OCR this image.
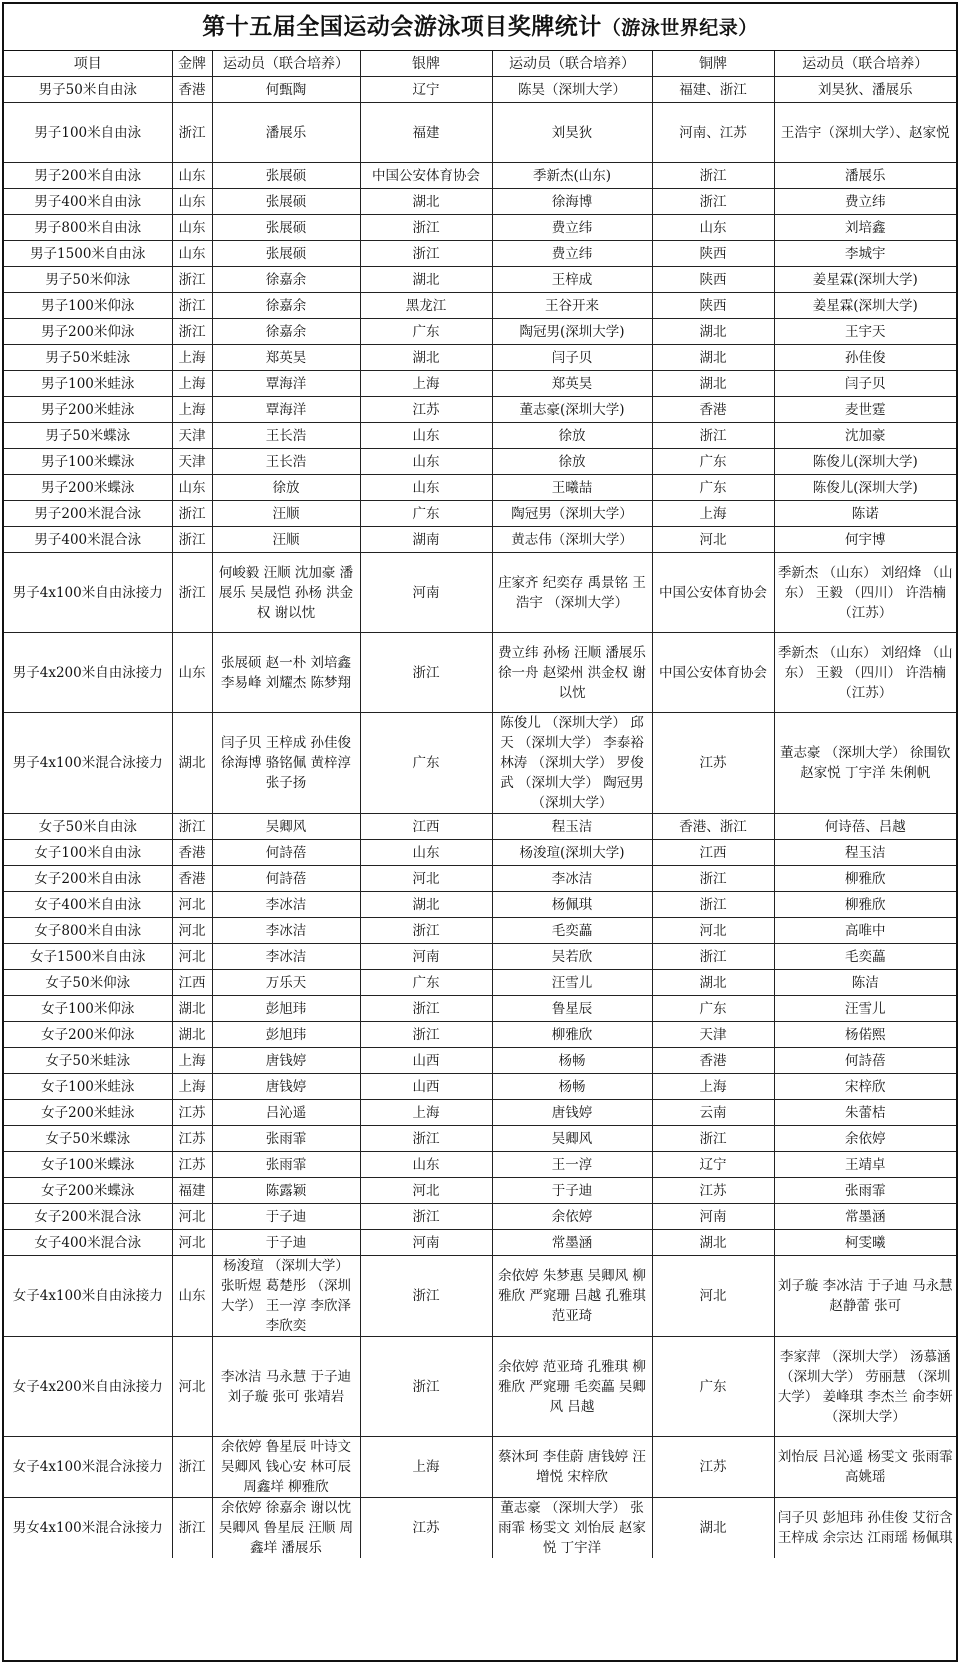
第十五届全国运动会游泳项目奖牌统计（游泳世界纪录）
项目	金牌	运动员（联合培养）	银牌	运动员（联合培养）	铜牌	运动员（联合培养）
男子50米自由泳	香港	何甄陶	辽宁	陈昊（深圳大学）	福建、浙江	刘昊狄、潘展乐
男子100米自由泳	浙江	潘展乐	福建	刘昊狄	河南、江苏	王浩宇（深圳大学）、赵家悦
男子200米自由泳	山东	张展硕	中国公安体育协会	季新杰(山东)	浙江	潘展乐
男子400米自由泳	山东	张展硕	湖北	徐海博	浙江	费立纬
男子800米自由泳	山东	张展硕	浙江	费立纬	山东	刘培鑫
男子1500米自由泳	山东	张展硕	浙江	费立纬	陕西	李城宇
男子50米仰泳	浙江	徐嘉余	湖北	王梓成	陕西	姜星霖(深圳大学)
男子100米仰泳	浙江	徐嘉余	黑龙江	王谷开来	陕西	姜星霖(深圳大学)
男子200米仰泳	浙江	徐嘉余	广东	陶冠男(深圳大学)	湖北	王宇天
男子50米蛙泳	上海	郑英昊	湖北	闫子贝	湖北	孙佳俊
男子100米蛙泳	上海	覃海洋	上海	郑英昊	湖北	闫子贝
男子200米蛙泳	上海	覃海洋	江苏	董志豪(深圳大学)	香港	麦世霆
男子50米蝶泳	天津	王长浩	山东	徐放	浙江	沈加豪
男子100米蝶泳	天津	王长浩	山东	徐放	广东	陈俊儿(深圳大学)
男子200米蝶泳	山东	徐放	山东	王曦喆	广东	陈俊儿(深圳大学)
男子200米混合泳	浙江	汪顺	广东	陶冠男（深圳大学）	上海	陈诺
男子400米混合泳	浙江	汪顺	湖南	黄志伟（深圳大学）	河北	何宇博
男子4x100米自由泳接力	浙江	何峻毅 汪顺 沈加豪 潘展乐 吴晟恺 孙杨 洪金权 谢以忱	河南	庄家齐 纪奕存 禹景铭 王浩宇 （深圳大学）	中国公安体育协会	季新杰 （山东） 刘绍烽 （山东） 王毅 （四川） 许浩楠 （江苏）
男子4x200米自由泳接力	山东	张展硕 赵一朴 刘培鑫 李易峰 刘耀杰 陈梦翔	浙江	费立纬 孙杨 汪顺 潘展乐 徐一舟 赵梁州 洪金权 谢以忱	中国公安体育协会	季新杰 （山东） 刘绍烽 （山东） 王毅 （四川） 许浩楠 （江苏）
男子4x100米混合泳接力	湖北	闫子贝 王梓成 孙佳俊 徐海博 骆铭佩 黄梓淳 张子扬	广东	陈俊儿 （深圳大学） 邱天 （深圳大学） 李泰裕 林涛 （深圳大学） 罗俊武 （深圳大学） 陶冠男 （深圳大学）	江苏	董志豪 （深圳大学） 徐围钦 赵家悦 丁宇洋 朱俐帆
女子50米自由泳	浙江	吴卿风	江西	程玉洁	香港、浙江	何诗蓓、吕越
女子100米自由泳	香港	何詩蓓	山东	杨浚瑄(深圳大学)	江西	程玉洁
女子200米自由泳	香港	何詩蓓	河北	李冰洁	浙江	柳雅欣
女子400米自由泳	河北	李冰洁	湖北	杨佩琪	浙江	柳雅欣
女子800米自由泳	河北	李冰洁	浙江	毛奕藟	河北	高唯中
女子1500米自由泳	河北	李冰洁	河南	吴若欣	浙江	毛奕藟
女子50米仰泳	江西	万乐天	广东	汪雪儿	湖北	陈洁
女子100米仰泳	湖北	彭旭玮	浙江	鲁星辰	广东	汪雪儿
女子200米仰泳	湖北	彭旭玮	浙江	柳雅欣	天津	杨偌熙
女子50米蛙泳	上海	唐钱婷	山西	杨畅	香港	何詩蓓
女子100米蛙泳	上海	唐钱婷	山西	杨畅	上海	宋梓欣
女子200米蛙泳	江苏	吕沁遥	上海	唐钱婷	云南	朱蕾桔
女子50米蝶泳	江苏	张雨霏	浙江	吴卿风	浙江	余依婷
女子100米蝶泳	江苏	张雨霏	山东	王一淳	辽宁	王靖卓
女子200米蝶泳	福建	陈露颖	河北	于子迪	江苏	张雨霏
女子200米混合泳	河北	于子迪	浙江	余依婷	河南	常墨涵
女子400米混合泳	河北	于子迪	河南	常墨涵	湖北	柯雯曦
女子4x100米自由泳接力	山东	杨浚瑄 （深圳大学） 张昕煜 葛楚彤 （深圳大学） 王一淳 李欣泽 李欣奕	浙江	余依婷 朱梦惠 吴卿风 柳雅欣 严窕珊 吕越 孔雅琪 范亚琦	河北	刘子璇 李冰洁 于子迪 马永慧 赵静蕾 张可
女子4x200米自由泳接力	河北	李冰洁 马永慧 于子迪 刘子璇 张可 张靖岩	浙江	余依婷 范亚琦 孔雅琪 柳雅欣 严窕珊 毛奕藟 吴卿风 吕越	广东	李家萍 （深圳大学） 汤慕涵 （深圳大学） 劳丽慧 （深圳大学） 姜峰琪 李杰兰 俞李妍 （深圳大学）
女子4x100米混合泳接力	浙江	余依婷 鲁星辰 叶诗文 吴卿风 钱心安 林可辰 周鑫垟 柳雅欣	上海	蔡沐珂 李佳蔚 唐钱婷 汪增悦 宋梓欣	江苏	刘怡辰 吕沁遥 杨雯文 张雨霏 高姚瑶
男女4x100米混合泳接力	浙江	余依婷 徐嘉余 谢以忱 吴卿风 鲁星辰 汪顺 周鑫垟 潘展乐	江苏	董志豪 （深圳大学） 张雨霏 杨雯文 刘怡辰 赵家悦 丁宇洋	湖北	闫子贝 彭旭玮 孙佳俊 艾衍含 王梓成 余宗达 江雨瑶 杨佩琪
